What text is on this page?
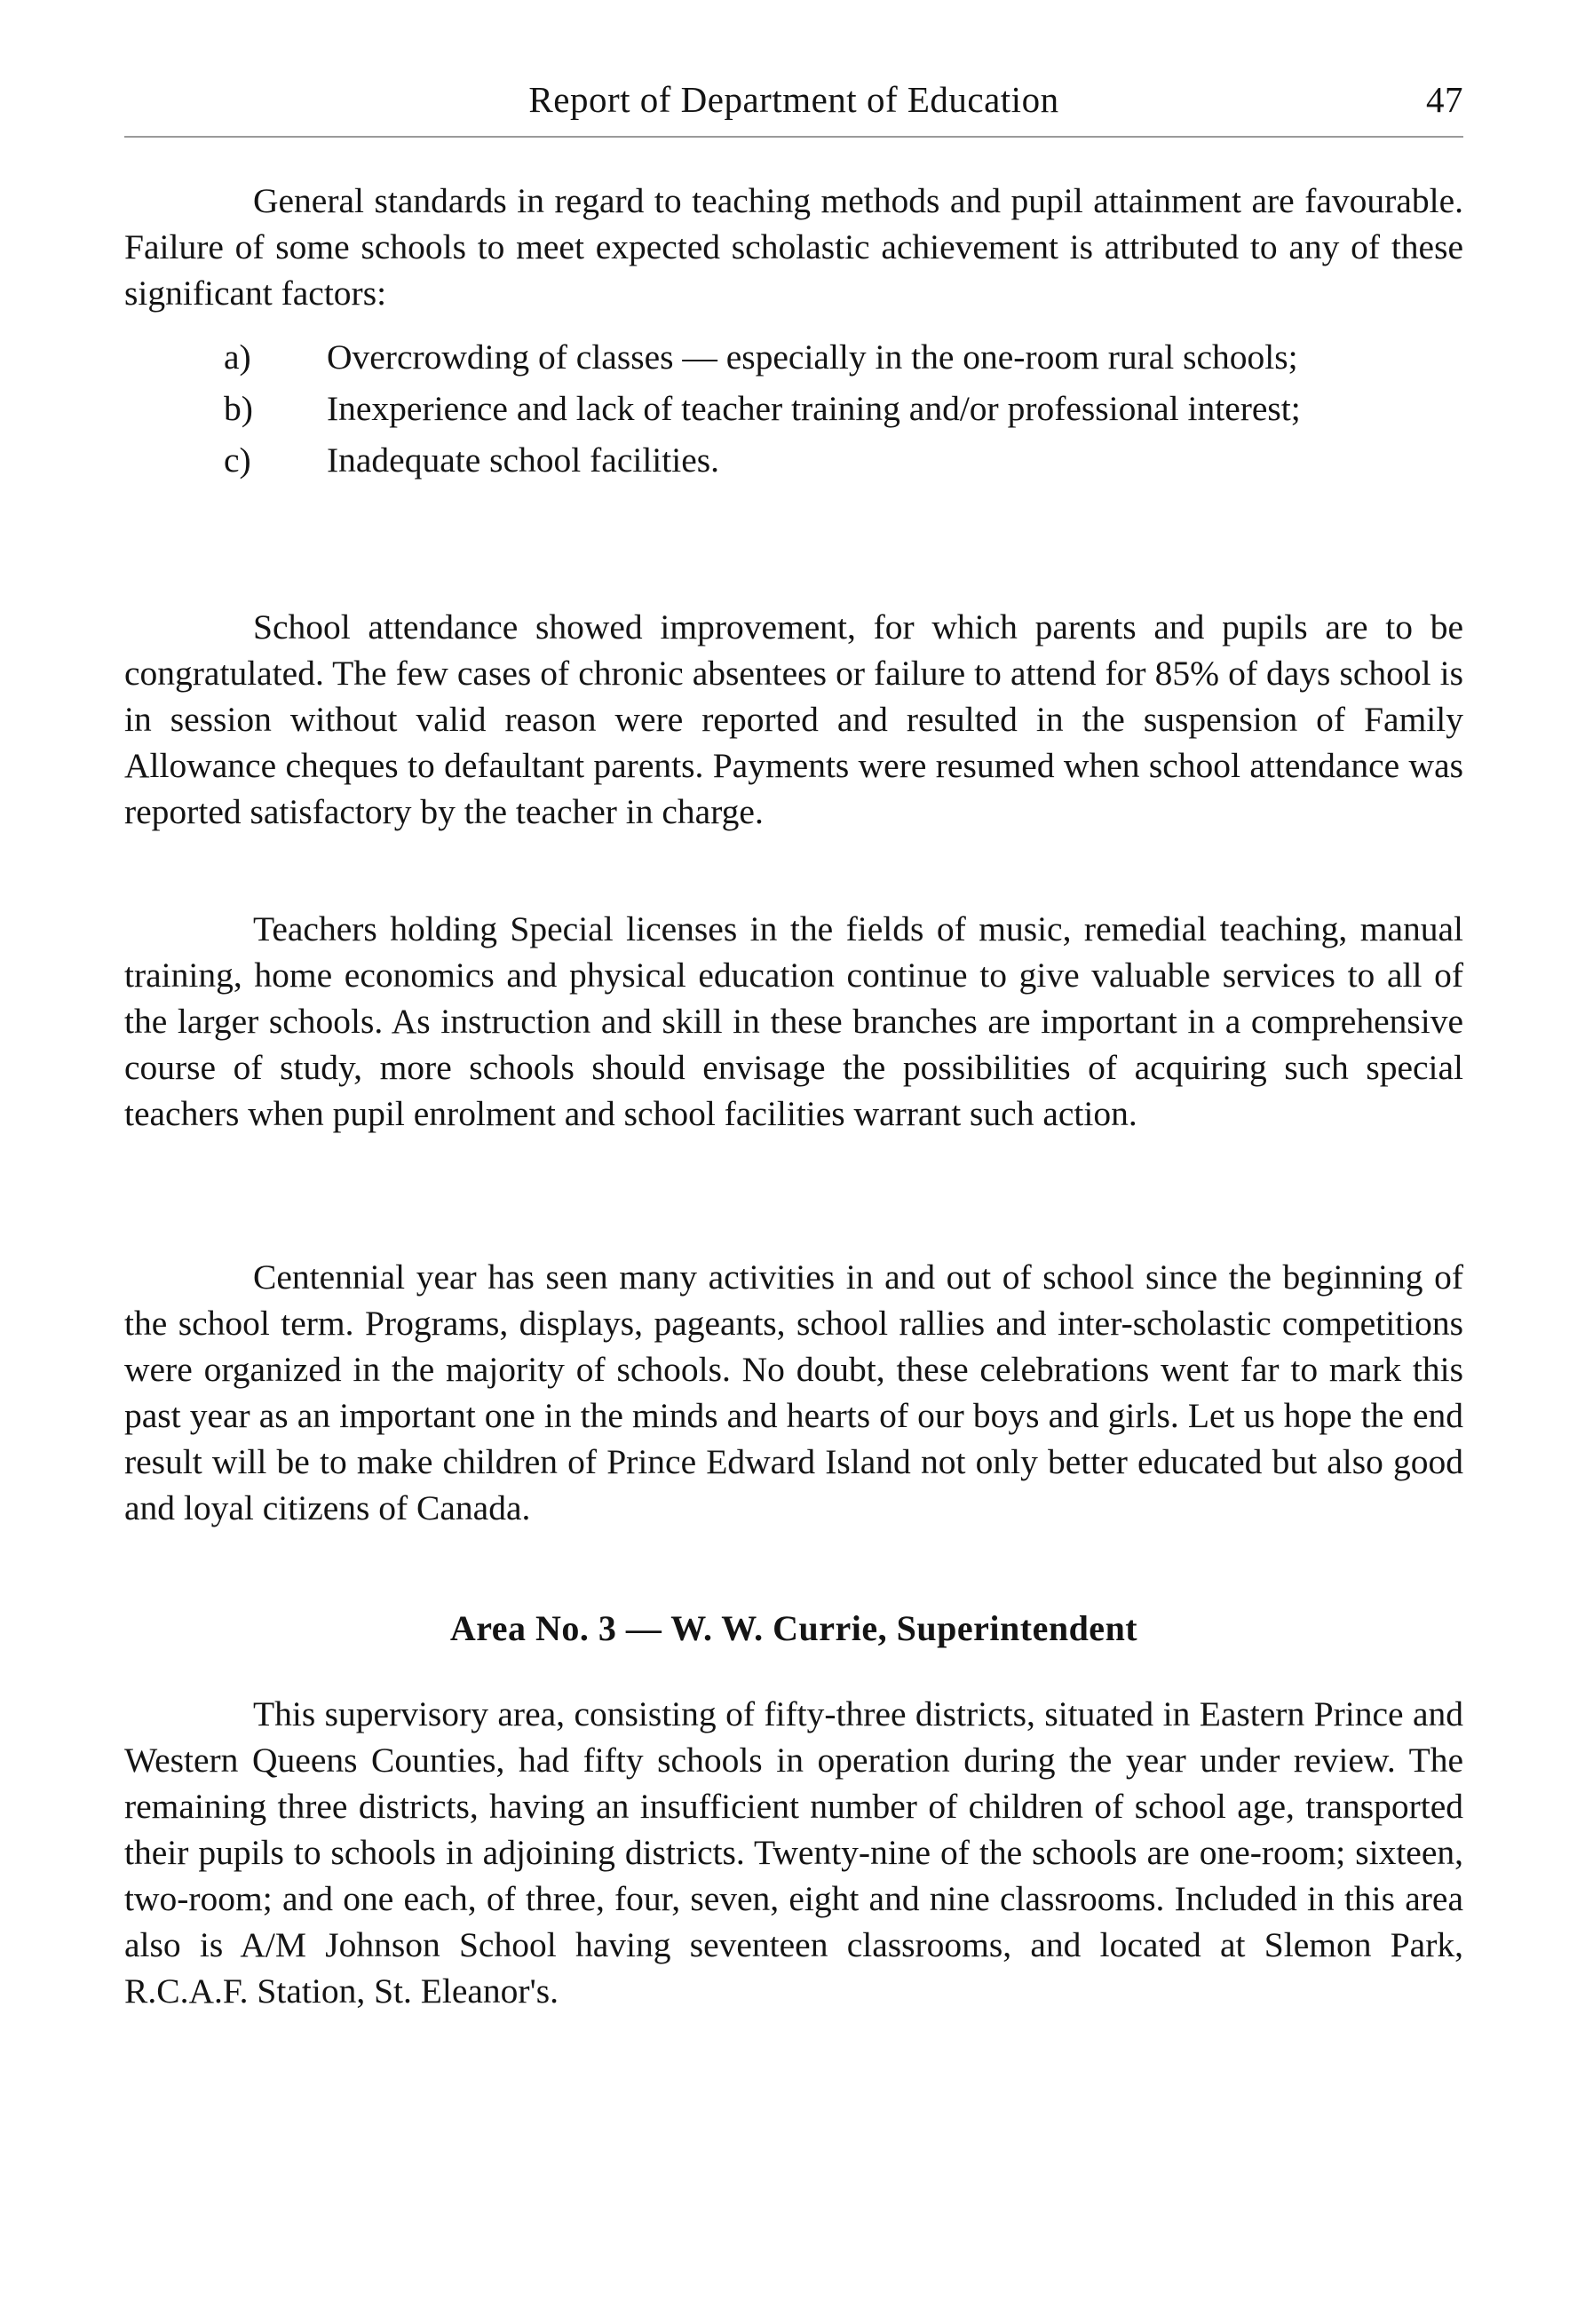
Report of Department of Education	47

General standards in regard to teaching methods and pupil attainment are favourable. Failure of some schools to meet expected scholastic achievement is attributed to any of these significant factors:

a) Overcrowding of classes — especially in the one-room rural schools;
b) Inexperience and lack of teacher training and/or professional interest;
c) Inadequate school facilities.

School attendance showed improvement, for which parents and pupils are to be congratulated. The few cases of chronic absentees or failure to attend for 85% of days school is in session without valid reason were reported and resulted in the suspension of Family Allowance cheques to defaultant parents. Payments were resumed when school attendance was reported satisfactory by the teacher in charge.

Teachers holding Special licenses in the fields of music, remedial teaching, manual training, home economics and physical education continue to give valuable services to all of the larger schools. As instruction and skill in these branches are important in a comprehensive course of study, more schools should envisage the possibilities of acquiring such special teachers when pupil enrolment and school facilities warrant such action.

Centennial year has seen many activities in and out of school since the beginning of the school term. Programs, displays, pageants, school rallies and inter-scholastic competitions were organized in the majority of schools. No doubt, these celebrations went far to mark this past year as an important one in the minds and hearts of our boys and girls. Let us hope the end result will be to make children of Prince Edward Island not only better educated but also good and loyal citizens of Canada.

Area No. 3 — W. W. Currie, Superintendent

This supervisory area, consisting of fifty-three districts, situated in Eastern Prince and Western Queens Counties, had fifty schools in operation during the year under review. The remaining three districts, having an insufficient number of children of school age, transported their pupils to schools in adjoining districts. Twenty-nine of the schools are one-room; sixteen, two-room; and one each, of three, four, seven, eight and nine classrooms. Included in this area also is A/M Johnson School having seventeen classrooms, and located at Slemon Park, R.C.A.F. Station, St. Eleanor's.
